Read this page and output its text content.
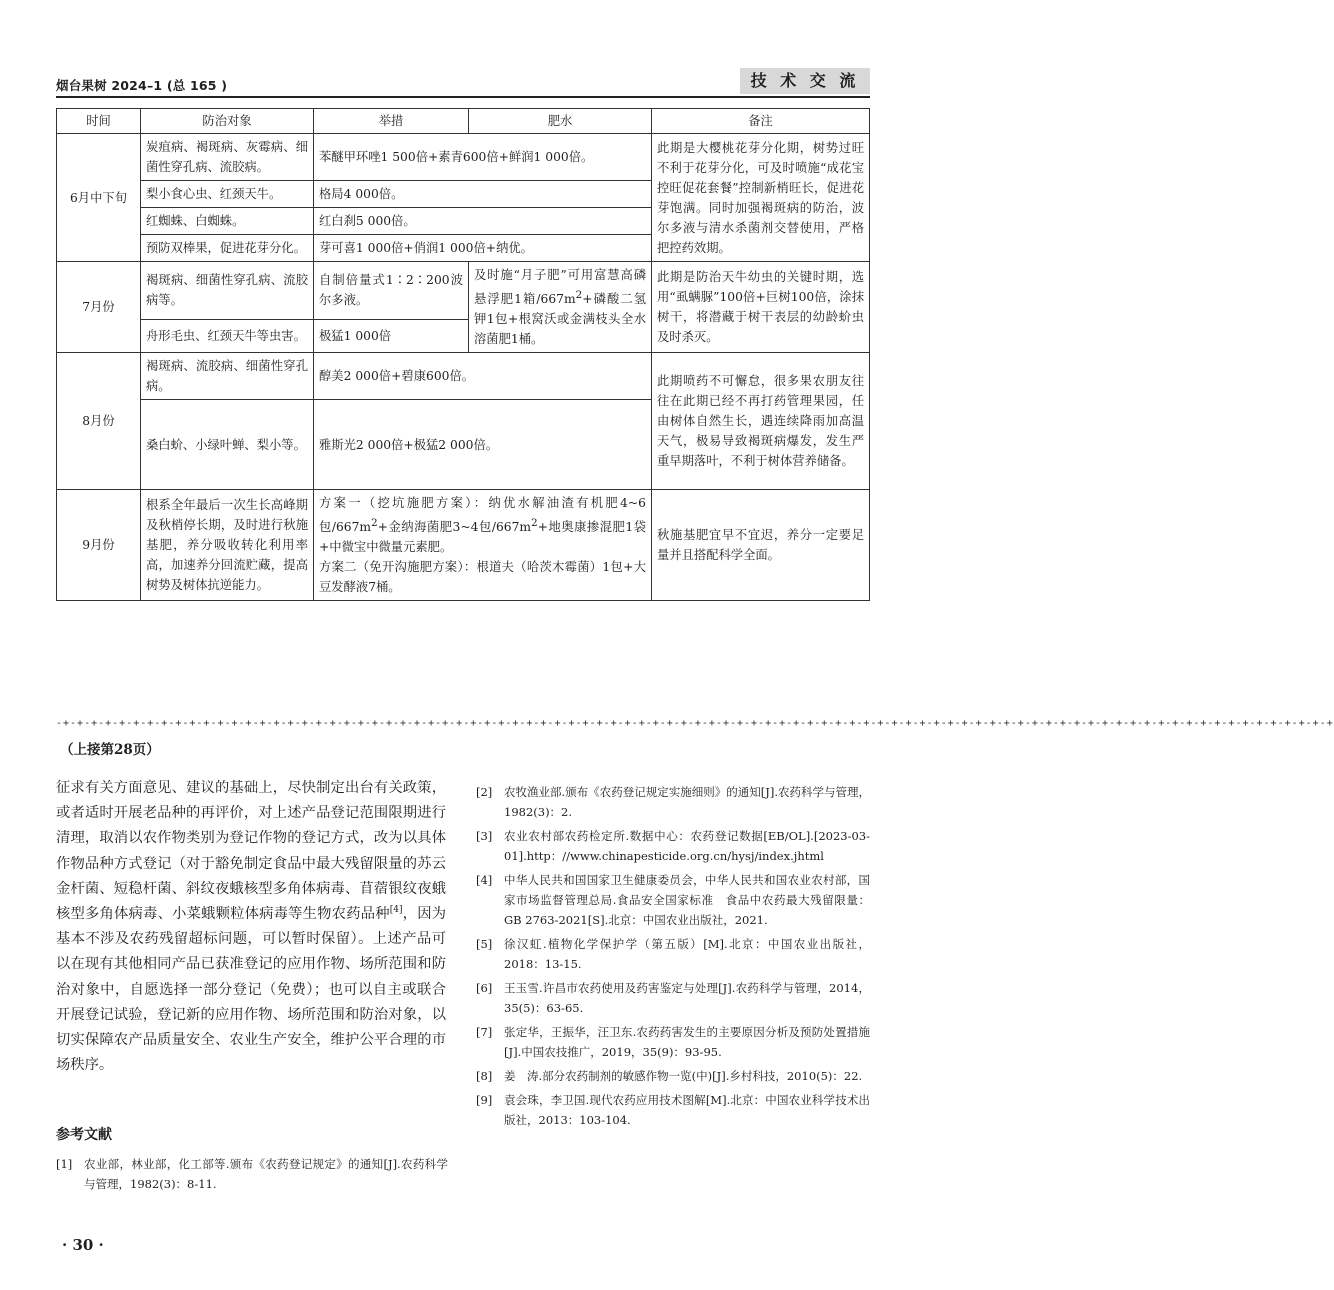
烟台果树 2024–1 (总 165 )	技 术 交 流
时间	防治对象	举措	肥水	备注
6月中下旬	炭疽病、褐斑病、灰霉病、细菌性穿孔病、流胶病。	苯醚甲环唑1 500倍+素青600倍+鲜润1 000倍。		此期是大樱桃花芽分化期，树势过旺不利于花芽分化，可及时喷施“成花宝控旺促花套餐”控制新梢旺长，促进花芽饱满。同时加强褐斑病的防治，波尔多液与清水杀菌剂交替使用，严格把控药效期。
	梨小食心虫、红颈天牛。	格局4 000倍。		
	红蜘蛛、白蜘蛛。	红白刹5 000倍。		
	预防双棒果，促进花芽分化。	芽可喜1 000倍+俏润1 000倍+纳优。		
7月份	褐斑病、细菌性穿孔病、流胶病等。	自制倍量式1∶2∶200波尔多液。	及时施“月子肥”可用富慧高磷悬浮肥1箱$/667m^2+$磷酸二氢钾1包+根窝沃或金满枝头全水溶菌肥1桶。	此期是防治天牛幼虫的关键时期，选用“虱螨脲”100倍+巨树100倍，涂抹树干，将潜藏于树干表层的幼龄蚧虫及时杀灭。
	舟形毛虫、红颈天牛等虫害。	极猛1 000倍		
8月份	褐斑病、流胶病、细菌性穿孔病。	醇美2 000倍+碧康600倍。		此期喷药不可懈怠，很多果农朋友往往在此期已经不再打药管理果园，任由树体自然生长，遇连续降雨加高温天气，极易导致褐斑病爆发，发生严重早期落叶，不利于树体营养储备。
	桑白蚧、小绿叶蝉、梨小等。	雅斯光2 000倍+极猛2 000倍。		
9月份	根系全年最后一次生长高峰期及秋梢停长期，及时进行秋施基肥，养分吸收转化利用率高，加速养分回流贮藏，提高树势及树体抗逆能力。	方案一（挖坑施肥方案）：纳优水解油渣有机肥4~6包$/667m^2+$金纳海菌肥3~4包$/667m^2+$地奥康掺混肥1袋+中微宝中微量元素肥。
方案二（免开沟施肥方案）：根道夫（哈茨木霉菌）1包+大豆发酵液7桶。		秋施基肥宜早不宜迟，养分一定要足量并且搭配科学全面。
-+-+-+-+-+-+-+-+-+-+-+-+-+-+-+-+-+-+-+-+-+-+-+-+-+-+-+-+-+-+-+-+-+-+-+-+-+-+-+-+-+-+-+-+-+-+-+-+-+-+-+-+-+-+-+-+-+-+-+-+-+-+-+-+-+-+-+-+-+-+-+-+-+-+-+-+-+-+-+-+-+-+-+-+-+-+-+-+-+-+-+
（上接第28页）
征求有关方面意见、建议的基础上，尽快制定出台有关政策，或者适时开展老品种的再评价，对上述产品登记范围限期进行清理，取消以农作物类别为登记作物的登记方式，改为以具体作物品种方式登记（对于豁免制定食品中最大残留限量的苏云金杆菌、短稳杆菌、斜纹夜蛾核型多角体病毒、苜蓿银纹夜蛾核型多角体病毒、小菜蛾颗粒体病毒等生物农药品种[4]，因为基本不涉及农药残留超标问题，可以暂时保留）。上述产品可以在现有其他相同产品已获准登记的应用作物、场所范围和防治对象中，自愿选择一部分登记（免费）；也可以自主或联合开展登记试验，登记新的应用作物、场所范围和防治对象，以切实保障农产品质量安全、农业生产安全，维护公平合理的市场秩序。
参考文献
[1]	农业部，林业部，化工部等.颁布《农药登记规定》的通知[J].农药科学与管理，1982(3)：8-11.
[2]	农牧渔业部.颁布《农药登记规定实施细则》的通知[J].农药科学与管理，1982(3)：2.
[3]	农业农村部农药检定所.数据中心：农药登记数据[EB/OL].[2023-03-01].http：//www.chinapesticide.org.cn/hysj/index.jhtml
[4]	中华人民共和国国家卫生健康委员会，中华人民共和国农业农村部，国家市场监督管理总局.食品安全国家标准　食品中农药最大残留限量：GB 2763-2021[S].北京：中国农业出版社，2021.
[5]	徐汉虹.植物化学保护学（第五版）[M].北京：中国农业出版社，2018：13-15.
[6]	王玉雪.许昌市农药使用及药害鉴定与处理[J].农药科学与管理，2014，35(5)：63-65.
[7]	张定华，王振华，汪卫东.农药药害发生的主要原因分析及预防处置措施[J].中国农技推广，2019，35(9)：93-95.
[8]	姜　涛.部分农药制剂的敏感作物一览(中)[J].乡村科技，2010(5)：22.
[9]	袁会珠，李卫国.现代农药应用技术图解[M].北京：中国农业科学技术出版社，2013：103-104.
· 30 ·
